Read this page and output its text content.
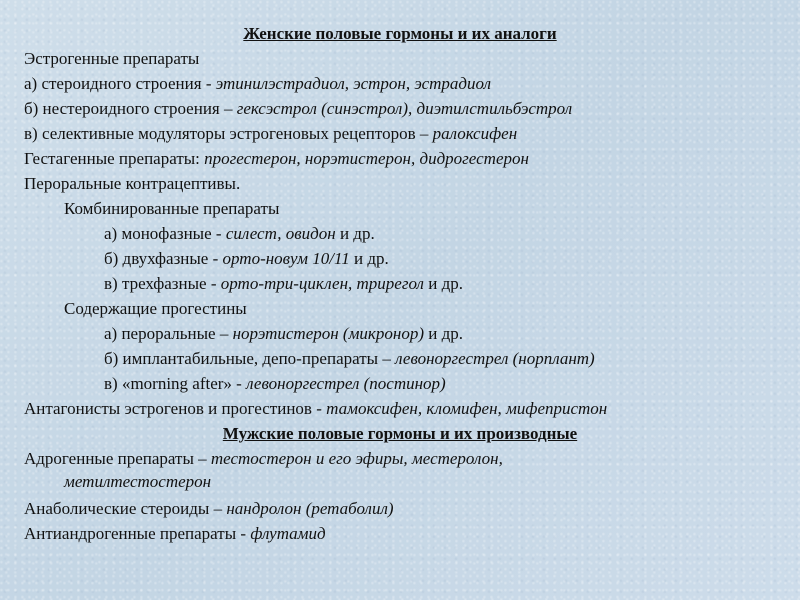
Женские половые гормоны и их аналоги
Эстрогенные препараты
а) стероидного строения - этинилэстрадиол, эстрон, эстрадиол
б) нестероидного строения – гексэстрол (синэстрол), диэтилстильбэстрол
в) селективные модуляторы эстрогеновых рецепторов – ралоксифен
Гестагенные препараты: прогестерон, норэтистерон, дидрогестерон
Пероральные контрацептивы.
Комбинированные препараты
а) монофазные - силест, овидон и др.
б) двухфазные - орто-новум 10/11 и др.
в) трехфазные - орто-три-циклен, трирегол и др.
Содержащие прогестины
а) пероральные – норэтистерон (микронор) и др.
б) имплантабильные, депо-препараты – левоноргестрел (норплант)
в) «morning after» - левоноргестрел (постинор)
Антагонисты эстрогенов и прогестинов - тамоксифен, кломифен, мифепристон
Мужские половые гормоны и их производные
Адрогенные препараты – тестостерон и его эфиры, местеролон,
метилтестостерон
Анаболические стероиды – нандролон (ретаболил)
Антиандрогенные препараты - флутамид
